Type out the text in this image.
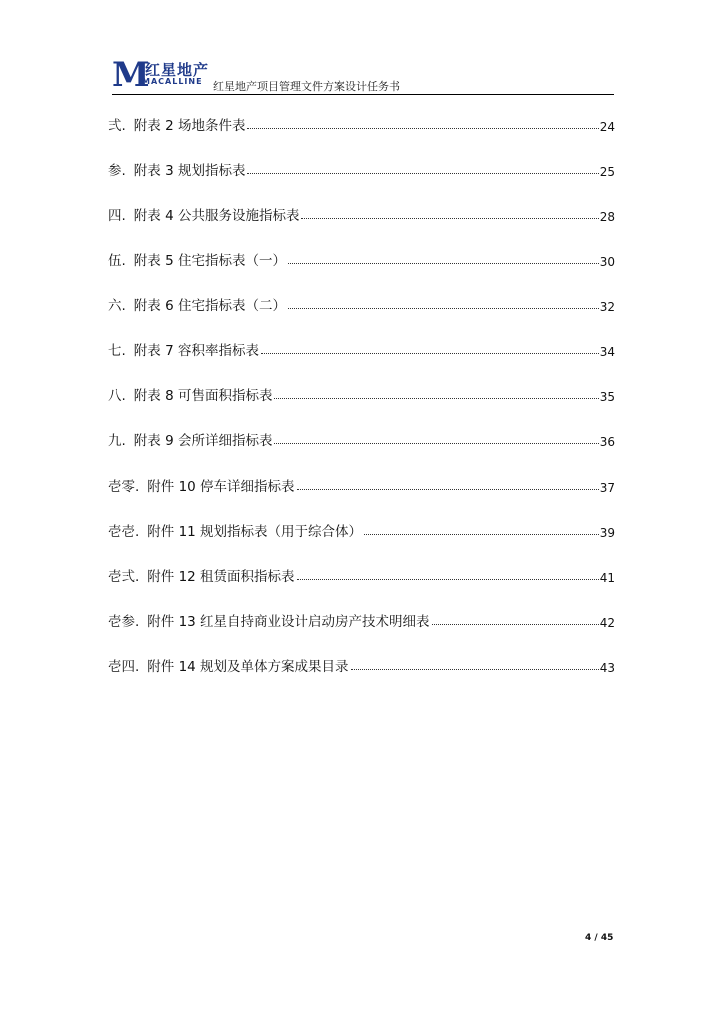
M
红星地产
MACALLINE 红星地产项目管理文件方案设计任务书
弍. 附表 2 场地条件表	24
参. 附表 3 规划指标表	25
四. 附表 4 公共服务设施指标表	28
伍. 附表 5 住宅指标表（一）	30
六. 附表 6 住宅指标表（二）	32
七. 附表 7 容积率指标表	34
八. 附表 8 可售面积指标表	35
九. 附表 9 会所详细指标表	36
壱零. 附件 10 停车详细指标表	37
壱壱. 附件 11 规划指标表（用于综合体）	39
壱弍. 附件 12 租赁面积指标表	41
壱参. 附件 13 红星自持商业设计启动房产技术明细表	42
壱四. 附件 14 规划及单体方案成果目录	43
4 / 45
